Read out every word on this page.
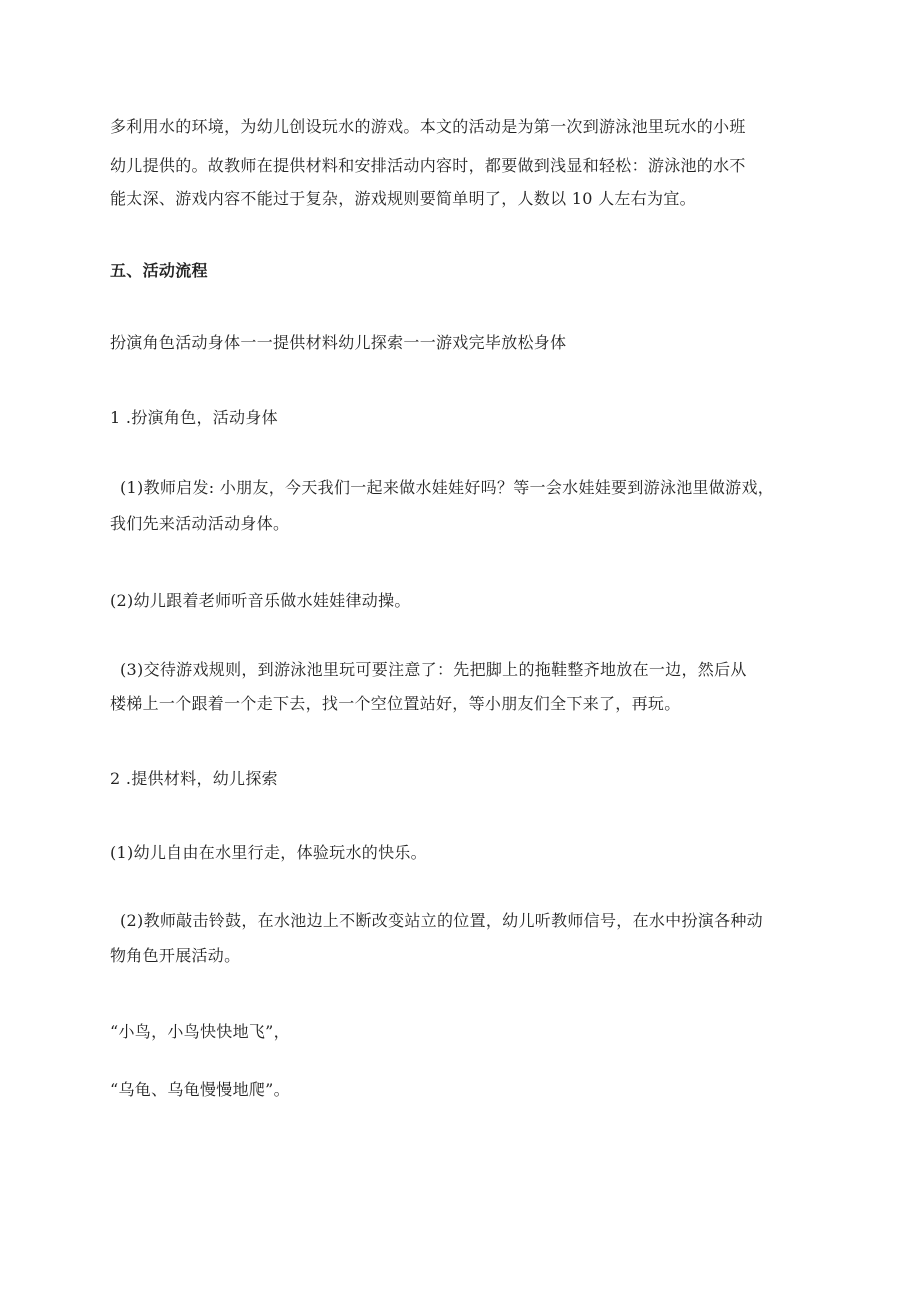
多利用水的环境，为幼儿创设玩水的游戏。本文的活动是为第一次到游泳池里玩水的小班
幼儿提供的。故教师在提供材料和安排活动内容时，都要做到浅显和轻松：游泳池的水不
能太深、游戏内容不能过于复杂，游戏规则要简单明了，人数以 10 人左右为宜。
五、活动流程
扮演角色活动身体一一提供材料幼儿探索一一游戏完毕放松身体
1 .扮演角色，活动身体
(1)教师启发: 小朋友，今天我们一起来做水娃娃好吗？等一会水娃娃要到游泳池里做游戏，
我们先来活动活动身体。
(2)幼儿跟着老师听音乐做水娃娃律动操。
(3)交待游戏规则，到游泳池里玩可要注意了：先把脚上的拖鞋整齐地放在一边，然后从
楼梯上一个跟着一个走下去，找一个空位置站好，等小朋友们全下来了，再玩。
2 .提供材料，幼儿探索
(1)幼儿自由在水里行走，体验玩水的快乐。
(2)教师敲击铃鼓，在水池边上不断改变站立的位置，幼儿听教师信号，在水中扮演各种动
物角色开展活动。
“小鸟，小鸟快快地飞”，
“乌龟、乌龟慢慢地爬”。
